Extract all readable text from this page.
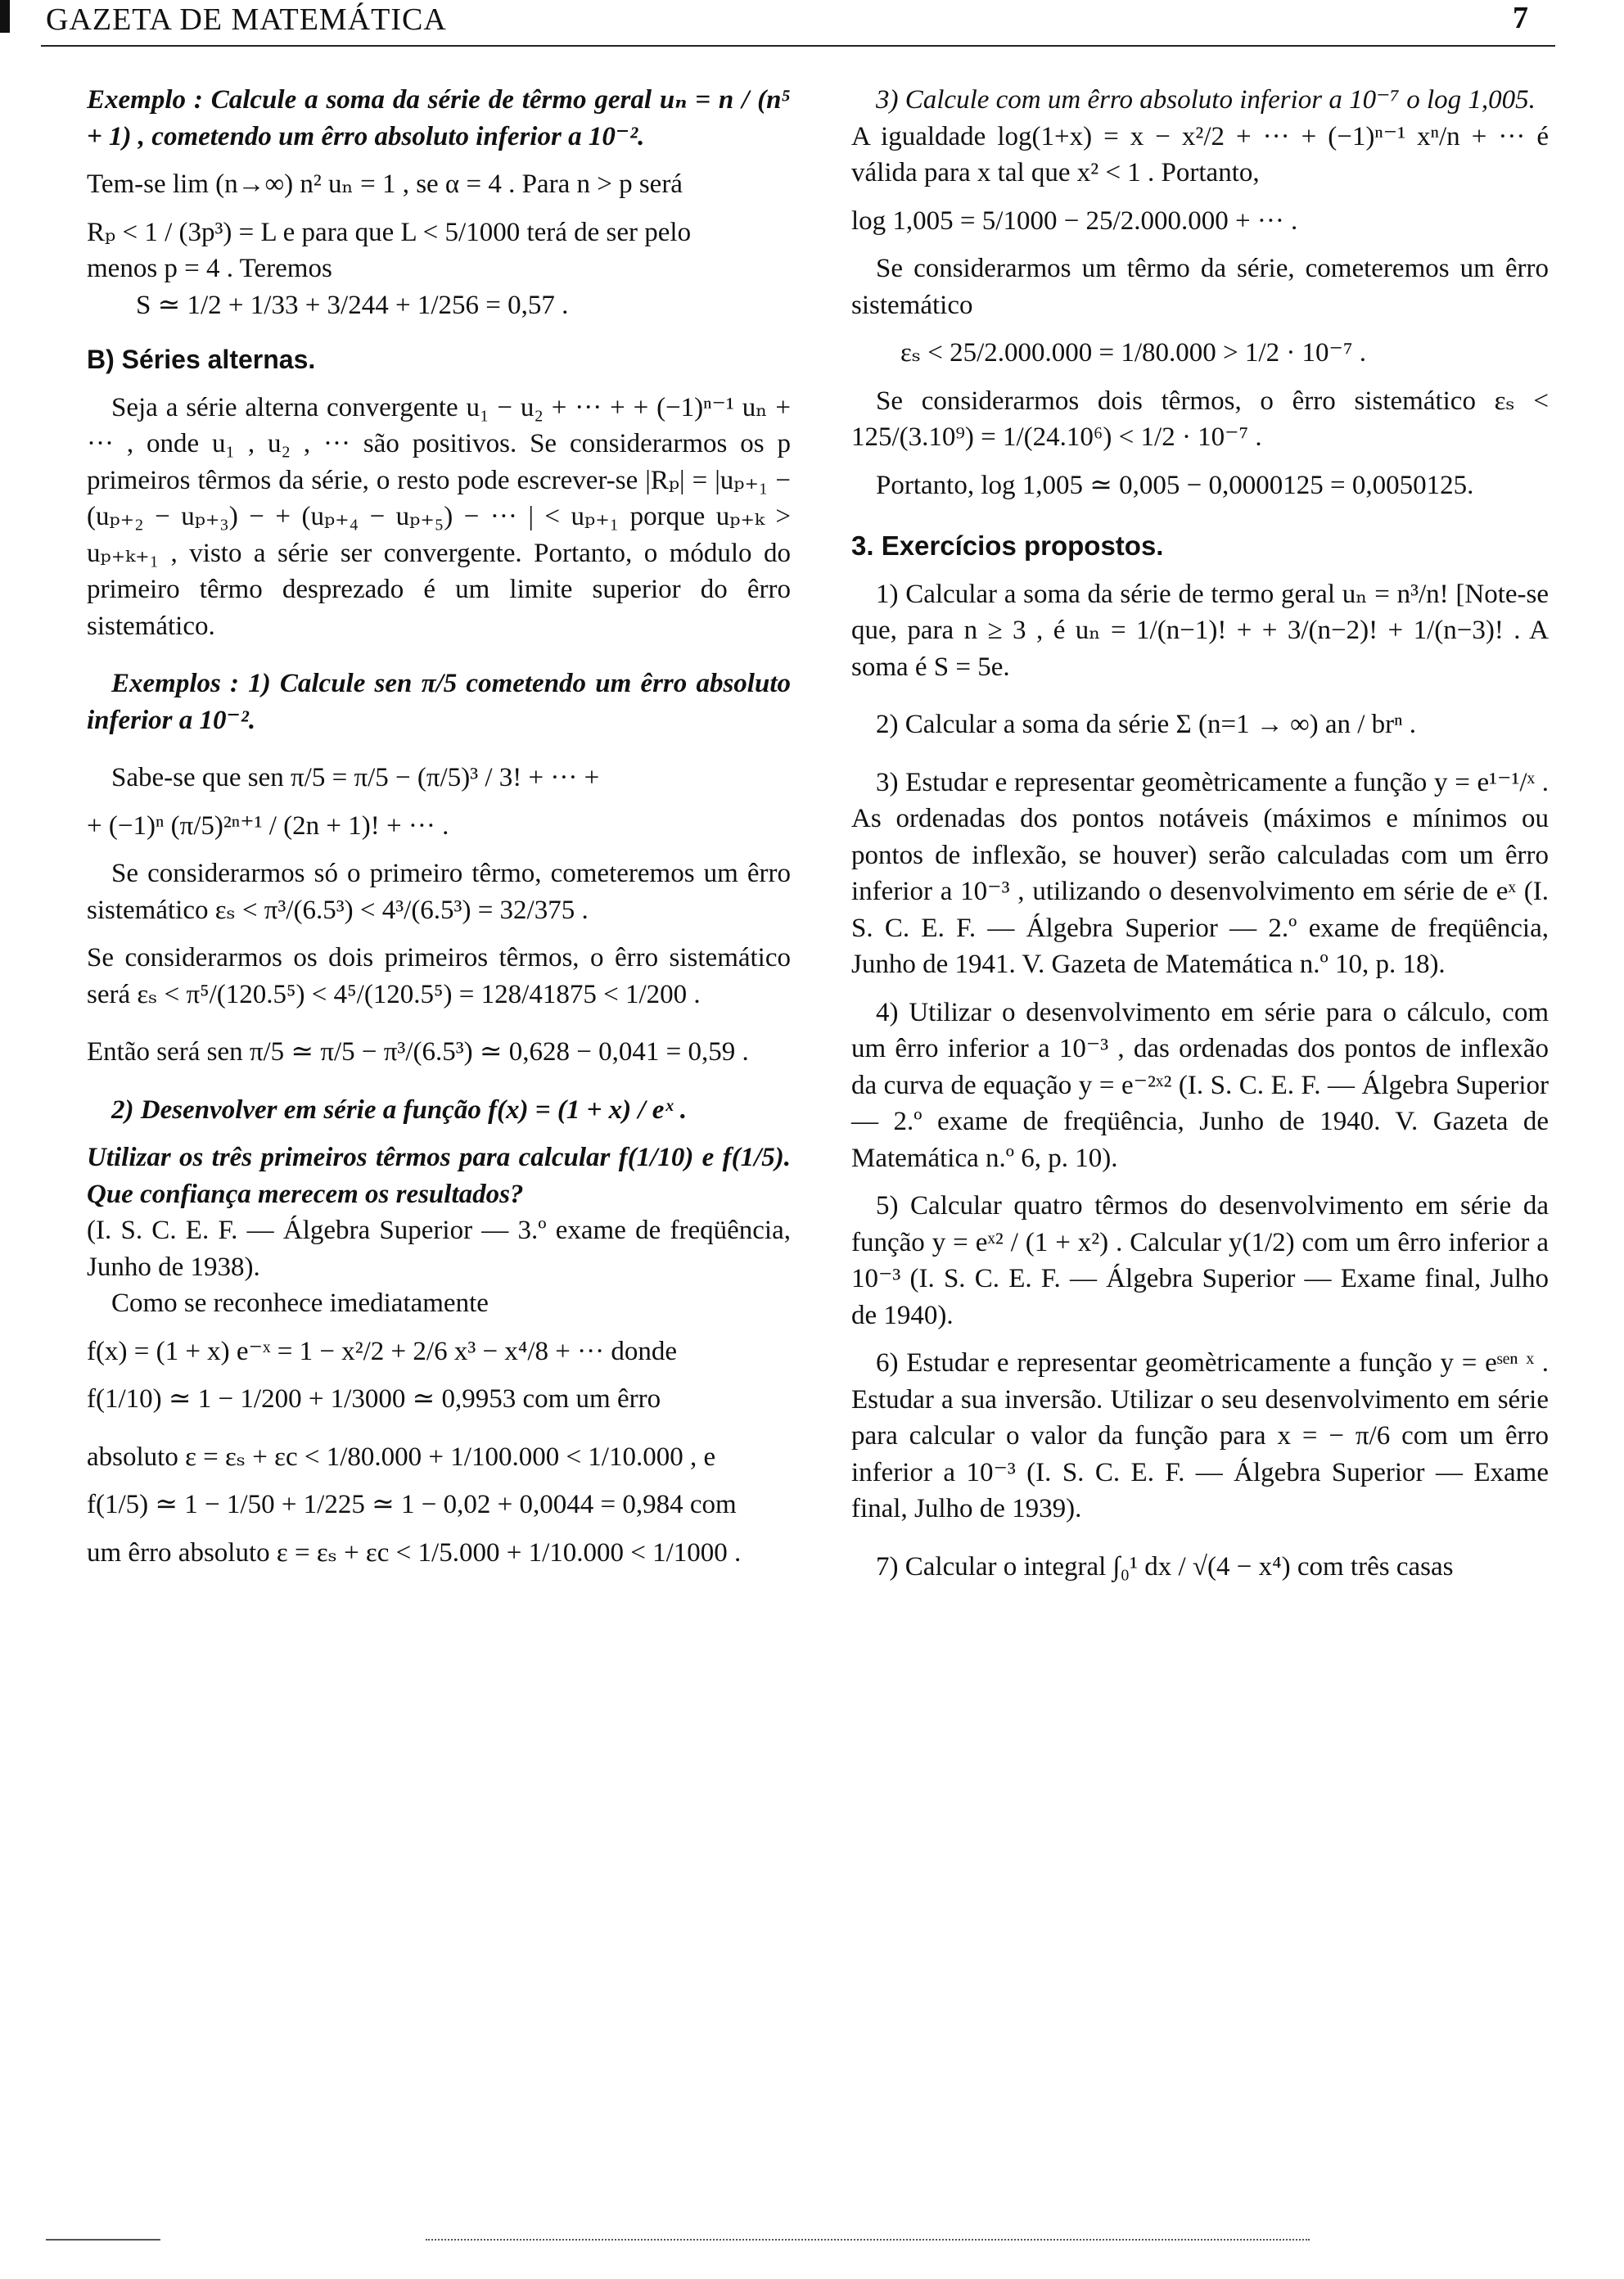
GAZETA DE MATEMÁTICA	7

Exemplo : Calcule a soma da série de têrmo geral uₙ = n / (n⁵ + 1) , cometendo um êrro absoluto inferior a 10⁻².

Tem-se lim (n→∞) n² uₙ = 1 , se α = 4 . Para n > p será

Rₚ < 1 / (3p³) = L e para que L < 5/1000 terá de ser pelo

menos p = 4 . Teremos

S ≃ 1/2 + 1/33 + 3/244 + 1/256 = 0,57 .

B) Séries alternas.

Seja a série alterna convergente u₁ − u₂ + ··· + + (−1)ⁿ⁻¹ uₙ + ··· , onde u₁ , u₂ , ··· são positivos. Se considerarmos os p primeiros têrmos da série, o resto pode escrever-se |Rₚ| = |uₚ₊₁ − (uₚ₊₂ − uₚ₊₃) − + (uₚ₊₄ − uₚ₊₅) − ··· | < uₚ₊₁ porque uₚ₊ₖ > uₚ₊ₖ₊₁ , visto a série ser convergente. Portanto, o módulo do primeiro têrmo desprezado é um limite superior do êrro sistemático.

Exemplos : 1) Calcule sen π/5 cometendo um êrro absoluto inferior a 10⁻².

Sabe-se que sen π/5 = π/5 − (π/5)³ / 3! + ··· +

+ (−1)ⁿ (π/5)²ⁿ⁺¹ / (2n + 1)! + ··· .

Se considerarmos só o primeiro têrmo, cometeremos um êrro sistemático εₛ < π³/(6.5³) < 4³/(6.5³) = 32/375 .

Se considerarmos os dois primeiros têrmos, o êrro sistemático será εₛ < π⁵/(120.5⁵) < 4⁵/(120.5⁵) = 128/41875 < 1/200 .

Então será sen π/5 ≃ π/5 − π³/(6.5³) ≃ 0,628 − 0,041 = 0,59 .

2) Desenvolver em série a função f(x) = (1 + x) / eˣ .

Utilizar os três primeiros têrmos para calcular f(1/10) e f(1/5). Que confiança merecem os resultados?

(I. S. C. E. F. — Álgebra Superior — 3.º exame de freqüência, Junho de 1938).

Como se reconhece imediatamente

f(x) = (1 + x) e⁻ˣ = 1 − x²/2 + 2/6 x³ − x⁴/8 + ··· donde

f(1/10) ≃ 1 − 1/200 + 1/3000 ≃ 0,9953 com um êrro

absoluto ε = εₛ + εc < 1/80.000 + 1/100.000 < 1/10.000 , e

f(1/5) ≃ 1 − 1/50 + 1/225 ≃ 1 − 0,02 + 0,0044 = 0,984 com

um êrro absoluto ε = εₛ + εc < 1/5.000 + 1/10.000 < 1/1000 .

3) Calcule com um êrro absoluto inferior a 10⁻⁷ o log 1,005.

A igualdade log(1+x) = x − x²/2 + ··· + (−1)ⁿ⁻¹ xⁿ/n + ··· é válida para x tal que x² < 1 . Portanto,

log 1,005 = 5/1000 − 25/2.000.000 + ··· .

Se considerarmos um têrmo da série, cometeremos um êrro sistemático

εₛ < 25/2.000.000 = 1/80.000 > 1/2 · 10⁻⁷ .

Se considerarmos dois têrmos, o êrro sistemático εₛ < 125/(3.10⁹) = 1/(24.10⁶) < 1/2 · 10⁻⁷ .

Portanto, log 1,005 ≃ 0,005 − 0,0000125 = 0,0050125.

3. Exercícios propostos.

1) Calcular a soma da série de termo geral uₙ = n³/n! [Note-se que, para n ≥ 3 , é uₙ = 1/(n−1)! + + 3/(n−2)! + 1/(n−3)! . A soma é S = 5e.

2) Calcular a soma da série Σ (n=1 → ∞) an / brⁿ .

3) Estudar e representar geomètricamente a função y = e¹⁻¹/ˣ . As ordenadas dos pontos notáveis (máximos e mínimos ou pontos de inflexão, se houver) serão calculadas com um êrro inferior a 10⁻³ , utilizando o desenvolvimento em série de eˣ (I. S. C. E. F. — Álgebra Superior — 2.º exame de freqüência, Junho de 1941. V. Gazeta de Matemática n.º 10, p. 18).

4) Utilizar o desenvolvimento em série para o cálculo, com um êrro inferior a 10⁻³ , das ordenadas dos pontos de inflexão da curva de equação y = e⁻²ˣ² (I. S. C. E. F. — Álgebra Superior — 2.º exame de freqüência, Junho de 1940. V. Gazeta de Matemática n.º 6, p. 10).

5) Calcular quatro têrmos do desenvolvimento em série da função y = eˣ² / (1 + x²) . Calcular y(1/2) com um êrro inferior a 10⁻³ (I. S. C. E. F. — Álgebra Superior — Exame final, Julho de 1940).

6) Estudar e representar geomètricamente a função y = eˢᵉⁿ ˣ . Estudar a sua inversão. Utilizar o seu desenvolvimento em série para calcular o valor da função para x = − π/6 com um êrro inferior a 10⁻³ (I. S. C. E. F. — Álgebra Superior — Exame final, Julho de 1939).

7) Calcular o integral ∫₀¹ dx / √(4 − x⁴) com três casas
